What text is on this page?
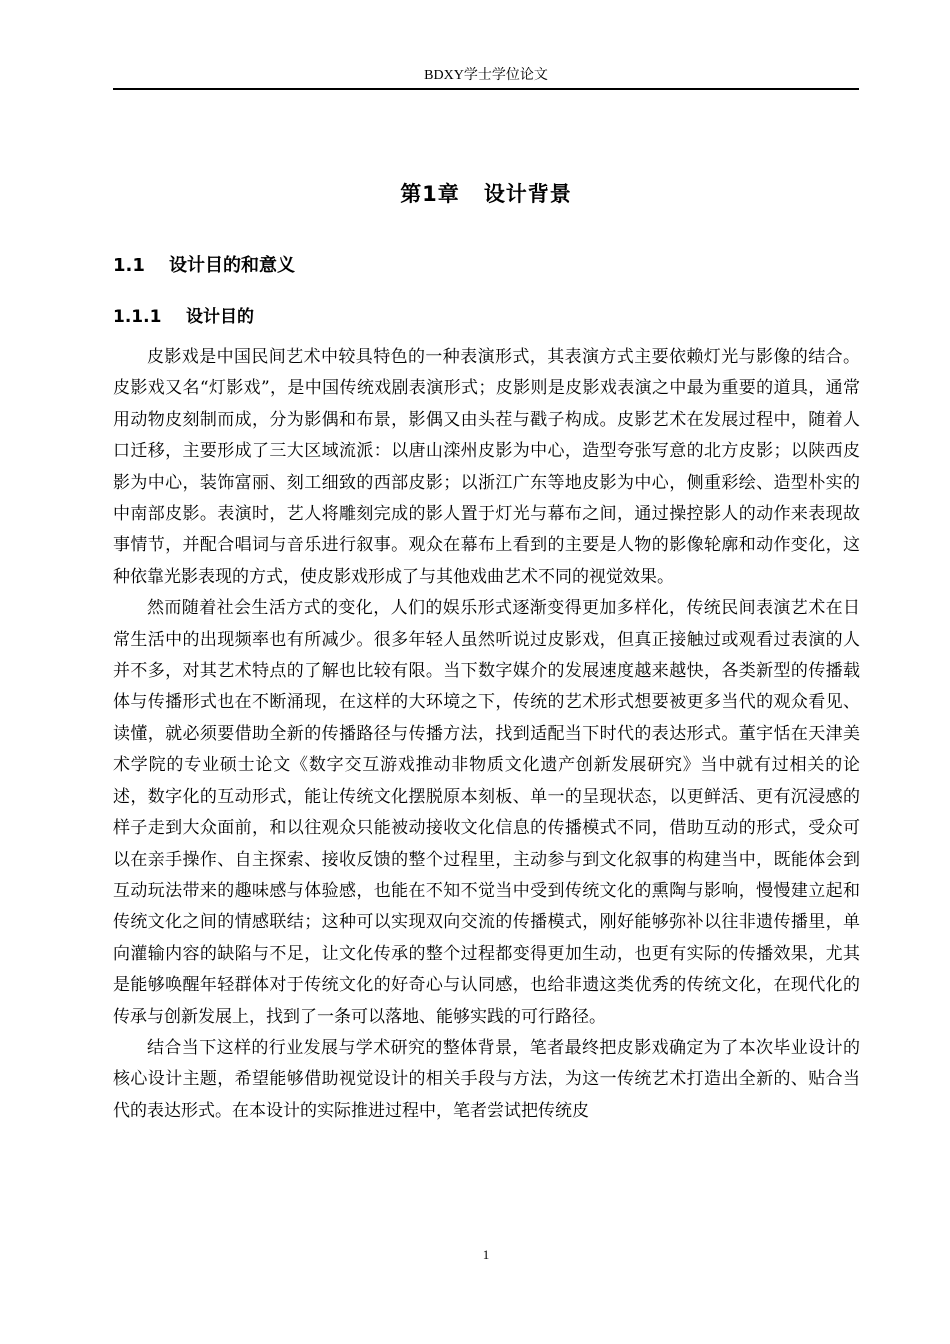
BDXY学士学位论文
第1章 设计背景
1.1 设计目的和意义
1.1.1 设计目的

皮影戏是中国民间艺术中较具特色的一种表演形式，其表演方式主要依赖灯光与影像的结合。皮影戏又名“灯影戏”，是中国传统戏剧表演形式；皮影则是皮影戏表演之中最为重要的道具，通常用动物皮刻制而成，分为影偶和布景，影偶又由头茬与戳子构成。皮影艺术在发展过程中，随着人口迁移，主要形成了三大区域流派：以唐山滦州皮影为中心，造型夸张写意的北方皮影；以陕西皮影为中心，装饰富丽、刻工细致的西部皮影；以浙江广东等地皮影为中心，侧重彩绘、造型朴实的中南部皮影。表演时，艺人将雕刻完成的影人置于灯光与幕布之间，通过操控影人的动作来表现故事情节，并配合唱词与音乐进行叙事。观众在幕布上看到的主要是人物的影像轮廓和动作变化，这种依靠光影表现的方式，使皮影戏形成了与其他戏曲艺术不同的视觉效果。

然而随着社会生活方式的变化，人们的娱乐形式逐渐变得更加多样化，传统民间表演艺术在日常生活中的出现频率也有所减少。很多年轻人虽然听说过皮影戏，但真正接触过或观看过表演的人并不多，对其艺术特点的了解也比较有限。当下数字媒介的发展速度越来越快，各类新型的传播载体与传播形式也在不断涌现，在这样的大环境之下，传统的艺术形式想要被更多当代的观众看见、读懂，就必须要借助全新的传播路径与传播方法，找到适配当下时代的表达形式。董宇恬在天津美术学院的专业硕士论文《数字交互游戏推动非物质文化遗产创新发展研究》当中就有过相关的论述，数字化的互动形式，能让传统文化摆脱原本刻板、单一的呈现状态，以更鲜活、更有沉浸感的样子走到大众面前，和以往观众只能被动接收文化信息的传播模式不同，借助互动的形式，受众可以在亲手操作、自主探索、接收反馈的整个过程里，主动参与到文化叙事的构建当中，既能体会到互动玩法带来的趣味感与体验感，也能在不知不觉当中受到传统文化的熏陶与影响，慢慢建立起和传统文化之间的情感联结；这种可以实现双向交流的传播模式，刚好能够弥补以往非遗传播里，单向灌输内容的缺陷与不足，让文化传承的整个过程都变得更加生动，也更有实际的传播效果，尤其是能够唤醒年轻群体对于传统文化的好奇心与认同感，也给非遗这类优秀的传统文化，在现代化的传承与创新发展上，找到了一条可以落地、能够实践的可行路径。

结合当下这样的行业发展与学术研究的整体背景，笔者最终把皮影戏确定为了本次毕业设计的核心设计主题，希望能够借助视觉设计的相关手段与方法，为这一传统艺术打造出全新的、贴合当代的表达形式。在本设计的实际推进过程中，笔者尝试把传统皮

1
